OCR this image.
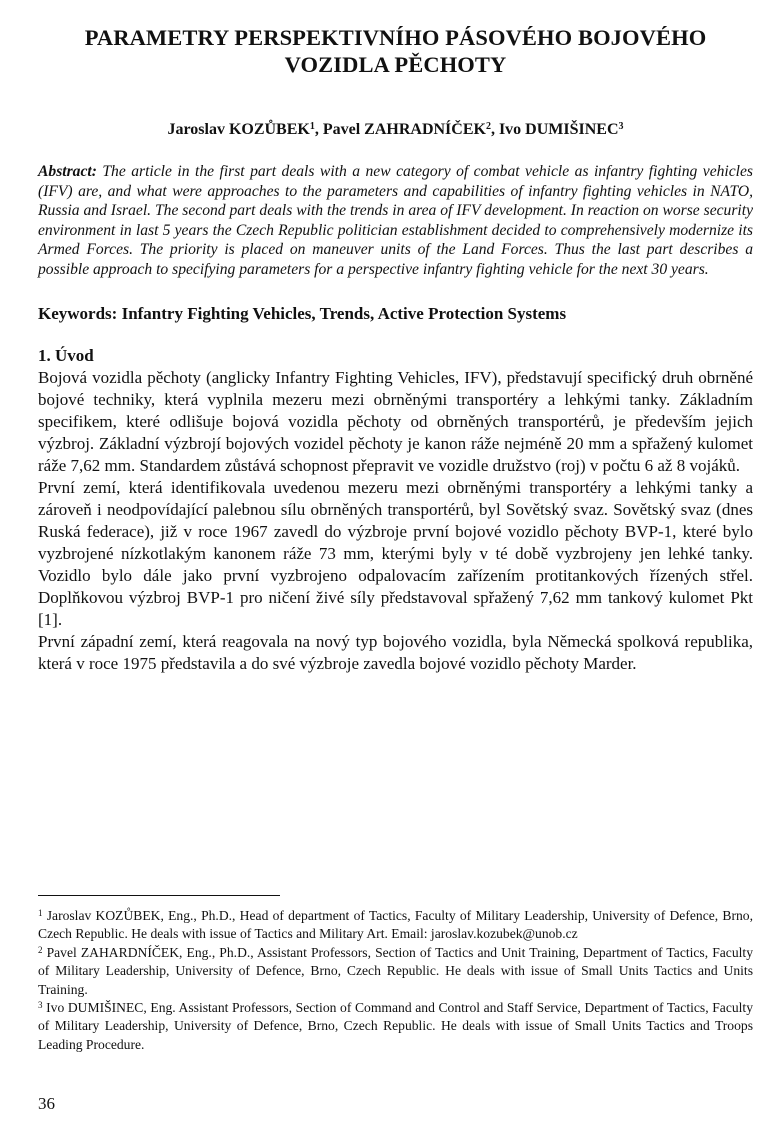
PARAMETRY PERSPEKTIVNÍHO PÁSOVÉHO BOJOVÉHO VOZIDLA PĚCHOTY
Jaroslav KOZŮBEK$^1$, Pavel ZAHRADNÍČEK$^2$, Ivo DUMIŠINEC$^3$
Abstract: The article in the first part deals with a new category of combat vehicle as infantry fighting vehicles (IFV) are, and what were approaches to the parameters and capabilities of infantry fighting vehicles in NATO, Russia and Israel. The second part deals with the trends in area of IFV development. In reaction on worse security environment in last 5 years the Czech Republic politician establishment decided to comprehensively modernize its Armed Forces. The priority is placed on maneuver units of the Land Forces. Thus the last part describes a possible approach to specifying parameters for a perspective infantry fighting vehicle for the next 30 years.
Keywords: Infantry Fighting Vehicles, Trends, Active Protection Systems
1. Úvod

Bojová vozidla pěchoty (anglicky Infantry Fighting Vehicles, IFV), představují specifický druh obrněné bojové techniky, která vyplnila mezeru mezi obrněnými transportéry a lehkými tanky. Základním specifikem, které odlišuje bojová vozidla pěchoty od obrněných transportérů, je především jejich výzbroj. Základní výzbrojí bojových vozidel pěchoty je kanon ráže nejméně 20 mm a spřažený kulomet ráže 7,62 mm. Standardem zůstává schopnost přepravit ve vozidle družstvo (roj) v počtu 6 až 8 vojáků.

První zemí, která identifikovala uvedenou mezeru mezi obrněnými transportéry a lehkými tanky a zároveň i neodpovídající palebnou sílu obrněných transportérů, byl Sovětský svaz. Sovětský svaz (dnes Ruská federace), již v roce 1967 zavedl do výzbroje první bojové vozidlo pěchoty BVP-1, které bylo vyzbrojené nízkotlakým kanonem ráže 73 mm, kterými byly v té době vyzbrojeny jen lehké tanky. Vozidlo bylo dále jako první vyzbrojeno odpalovacím zařízením protitankových řízených střel. Doplňkovou výzbroj BVP-1 pro ničení živé síly představoval spřažený 7,62 mm tankový kulomet Pkt [1].

První západní zemí, která reagovala na nový typ bojového vozidla, byla Německá spolková republika, která v roce 1975 představila a do své výzbroje zavedla bojové vozidlo pěchoty Marder.

$^1$ Jaroslav KOZŮBEK, Eng., Ph.D., Head of department of Tactics, Faculty of Military Leadership, University of Defence, Brno, Czech Republic. He deals with issue of Tactics and Military Art. Email: jaroslav.kozubek@unob.cz

$^2$ Pavel ZAHARDNÍČEK, Eng., Ph.D., Assistant Professors, Section of Tactics and Unit Training, Department of Tactics, Faculty of Military Leadership, University of Defence, Brno, Czech Republic. He deals with issue of Small Units Tactics and Units Training.

$^3$ Ivo DUMIŠINEC, Eng. Assistant Professors, Section of Command and Control and Staff Service, Department of Tactics, Faculty of Military Leadership, University of Defence, Brno, Czech Republic. He deals with issue of Small Units Tactics and Troops Leading Procedure.

36
